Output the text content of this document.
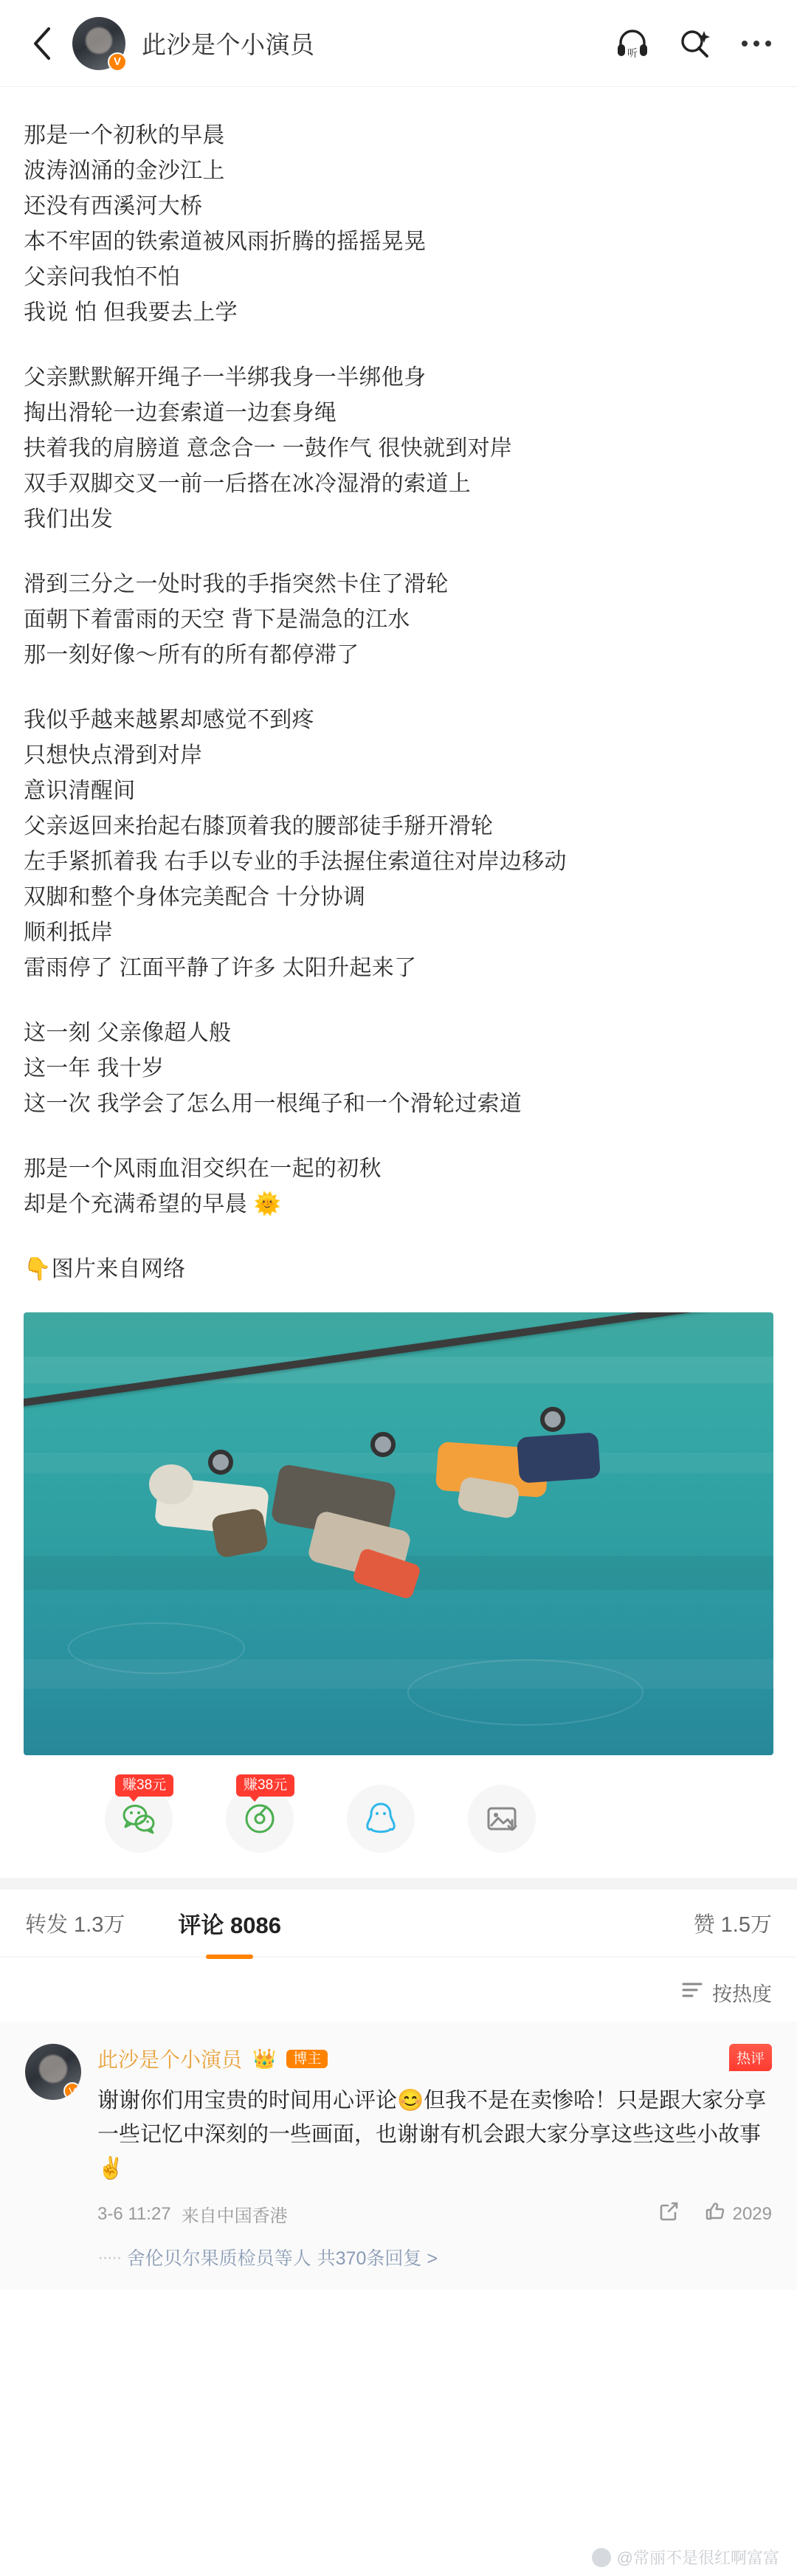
V
此沙是个小演员	听
那是一个初秋的早晨
波涛汹涌的金沙江上
还没有西溪河大桥
本不牢固的铁索道被风雨折腾的摇摇晃晃
父亲问我怕不怕
我说 怕 但我要去上学
父亲默默解开绳子一半绑我身一半绑他身
掏出滑轮一边套索道一边套身绳
扶着我的肩膀道 意念合一 一鼓作气 很快就到对岸
双手双脚交叉一前一后搭在冰冷湿滑的索道上
我们出发
滑到三分之一处时我的手指突然卡住了滑轮
面朝下着雷雨的天空 背下是湍急的江水
那一刻好像～所有的所有都停滞了
我似乎越来越累却感觉不到疼
只想快点滑到对岸
意识清醒间
父亲返回来抬起右膝顶着我的腰部徒手掰开滑轮
左手紧抓着我 右手以专业的手法握住索道往对岸边移动
双脚和整个身体完美配合 十分协调
顺利抵岸
雷雨停了 江面平静了许多 太阳升起来了
这一刻 父亲像超人般
这一年 我十岁
这一次 我学会了怎么用一根绳子和一个滑轮过索道
那是一个风雨血泪交织在一起的初秋
却是个充满希望的早晨 🌞
👇图片来自网络
赚38元	赚38元
转发 1.3万 评论 8086	赞 1.5万
按热度
V
此沙是个小演员 👑	博主
谢谢你们用宝贵的时间用心评论😊但我不是在卖惨哈！只是跟大家分享一些记忆中深刻的一些画面，也谢谢有机会跟大家分享这些这些小故事✌
3-6 11:27 来自中国香港	2029
····· 舍伦贝尔果质检员等人 共370条回复 >
热评
@常丽不是很红啊富富
